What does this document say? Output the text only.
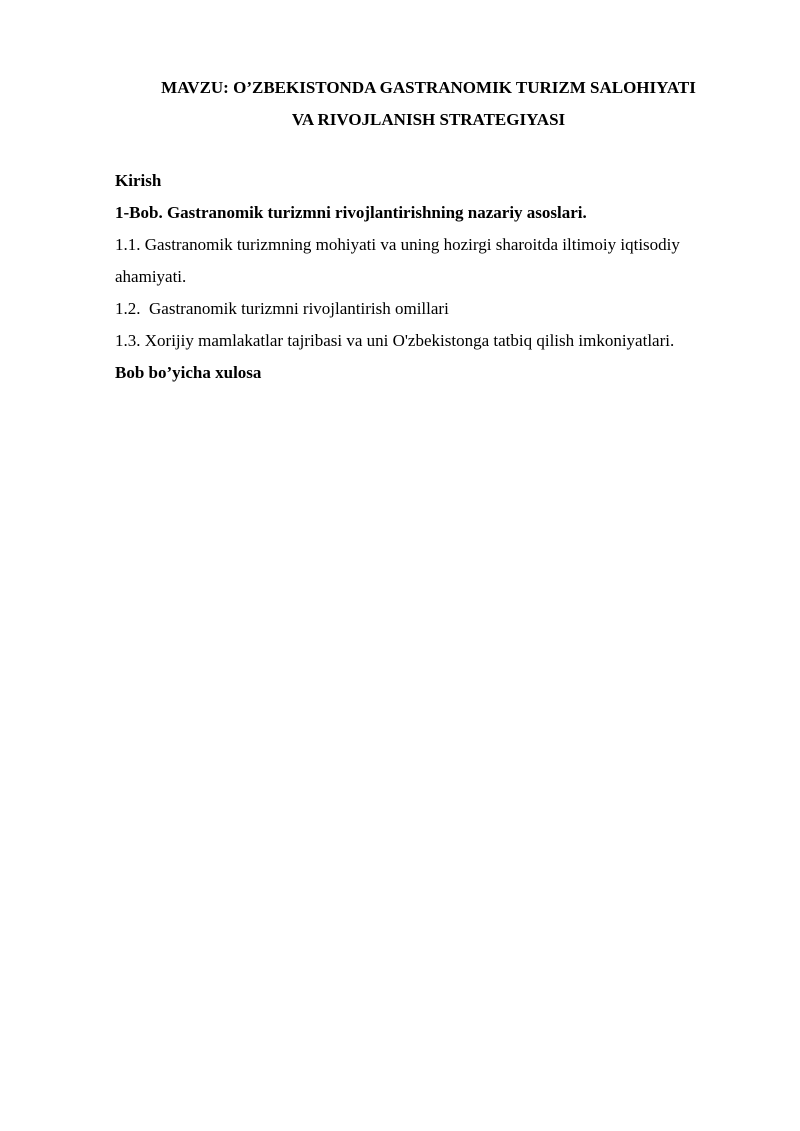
MAVZU: O’ZBEKISTONDA GASTRANOMIK TURIZM SALOHIYATI
VA RIVOJLANISH STRATEGIYASI
Kirish
1-Bob. Gastranomik turizmni rivojlantirishning nazariy asoslari.
1.1. Gastranomik turizmning mohiyati va uning hozirgi sharoitda iltimoiy iqtisodiy
ahamiyati.
1.2.  Gastranomik turizmni rivojlantirish omillari
1.3. Xorijiy mamlakatlar tajribasi va uni O'zbekistonga tatbiq qilish imkoniyatlari.
Bob bo’yicha xulosa
